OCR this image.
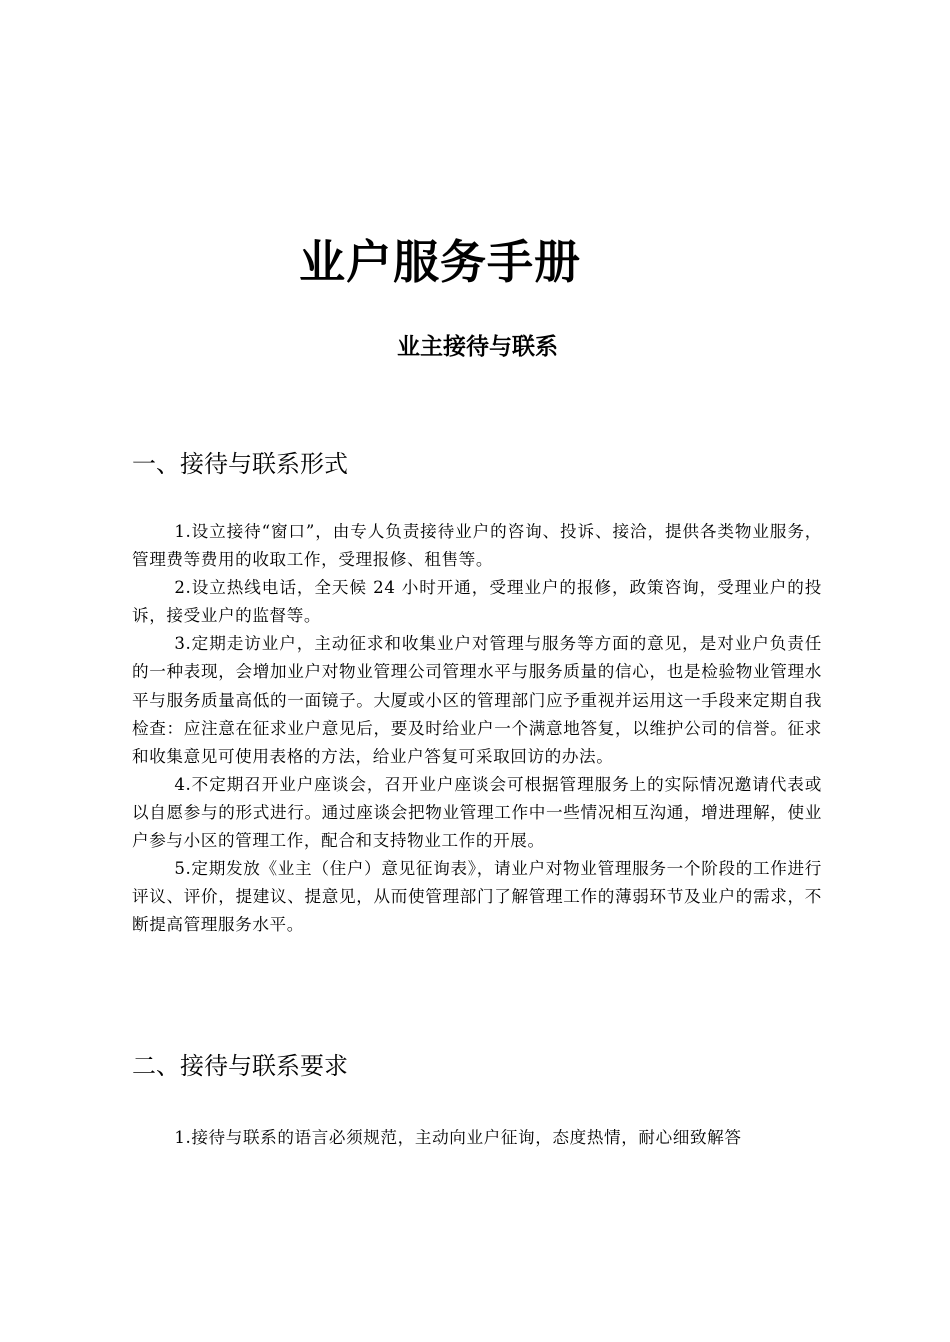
业户服务手册
业主接待与联系
一、接待与联系形式

1.设立接待“窗口”，由专人负责接待业户的咨询、投诉、接洽，提供各类物业服务，管理费等费用的收取工作，受理报修、租售等。

2.设立热线电话，全天候 24 小时开通，受理业户的报修，政策咨询，受理业户的投诉，接受业户的监督等。

3.定期走访业户，主动征求和收集业户对管理与服务等方面的意见，是对业户负责任的一种表现，会增加业户对物业管理公司管理水平与服务质量的信心，也是检验物业管理水平与服务质量高低的一面镜子。大厦或小区的管理部门应予重视并运用这一手段来定期自我检查：应注意在征求业户意见后，要及时给业户一个满意地答复，以维护公司的信誉。征求和收集意见可使用表格的方法，给业户答复可采取回访的办法。

4.不定期召开业户座谈会，召开业户座谈会可根据管理服务上的实际情况邀请代表或以自愿参与的形式进行。通过座谈会把物业管理工作中一些情况相互沟通，增进理解，使业户参与小区的管理工作，配合和支持物业工作的开展。

5.定期发放《业主（住户）意见征询表》，请业户对物业管理服务一个阶段的工作进行评议、评价，提建议、提意见，从而使管理部门了解管理工作的薄弱环节及业户的需求，不断提高管理服务水平。

二、接待与联系要求

1.接待与联系的语言必须规范，主动向业户征询，态度热情，耐心细致解答
